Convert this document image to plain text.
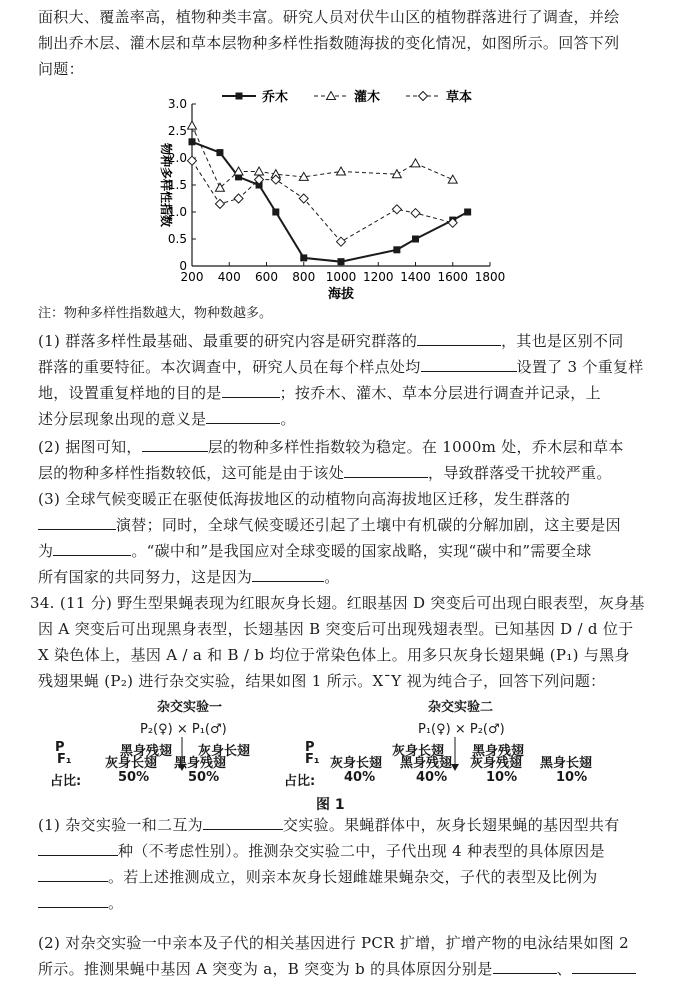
面积大、覆盖率高，植物种类丰富。研究人员对伏牛山区的植物群落进行了调查，并绘
制出乔木层、灌木层和草本层物种多样性指数随海拔的变化情况，如图所示。回答下列
问题：
0
0.5
1.0
1.5
2.0
2.5
3.0
200 400 600 800 1000 1200 1400 1600 1800
海拔
物种多样性指数
乔木	灌木	草本
注：物种多样性指数越大，物种数越多。
(1) 群落多样性最基础、最重要的研究内容是研究群落的	，其也是区别不同
群落的重要特征。本次调查中，研究人员在每个样点处均	设置了 3 个重复样
地，设置重复样地的目的是	；按乔木、灌木、草本分层进行调查并记录，上
述分层现象出现的意义是	。
(2) 据图可知，	层的物种多样性指数较为稳定。在 1000m 处，乔木层和草本
层的物种多样性指数较低，这可能是由于该处	，导致群落受干扰较严重。
(3) 全球气候变暖正在驱使低海拔地区的动植物向高海拔地区迁移，发生群落的
演替；同时，全球气候变暖还引起了土壤中有机碳的分解加剧，这主要是因
为	。“碳中和”是我国应对全球变暖的国家战略，实现“碳中和”需要全球
所有国家的共同努力，这是因为	。
34. (11 分) 野生型果蝇表现为红眼灰身长翅。红眼基因 D 突变后可出现白眼表型，灰身基
因 A 突变后可出现黑身表型，长翅基因 B 突变后可出现残翅表型。已知基因 D / d 位于
X 染色体上，基因 A / a 和 B / b 均位于常染色体上。用多只灰身长翅果蝇 (P₁) 与黑身
残翅果蝇 (P₂) 进行杂交实验，结果如图 1 所示。XˉY 视为纯合子，回答下列问题：
杂交实验一	杂交实验二
P₂(♀) × P₁(♂)	P₁(♀) × P₂(♂)
P	黑身残翅 灰身长翅	P	灰身长翅 黑身残翅
F₁	F₁
灰身长翅 黑身残翅	灰身长翅 黑身残翅 灰身残翅 黑身长翅
占比:	占比:
50%	50%	40%	40%	10%	10%
图 1
(1) 杂交实验一和二互为	交实验。果蝇群体中，灰身长翅果蝇的基因型共有
种（不考虑性别）。推测杂交实验二中，子代出现 4 种表型的具体原因是
。若上述推测成立，则亲本灰身长翅雌雄果蝇杂交，子代的表型及比例为
。
(2) 对杂交实验一中亲本及子代的相关基因进行 PCR 扩增，扩增产物的电泳结果如图 2
所示。推测果蝇中基因 A 突变为 a，B 突变为 b 的具体原因分别是	、
